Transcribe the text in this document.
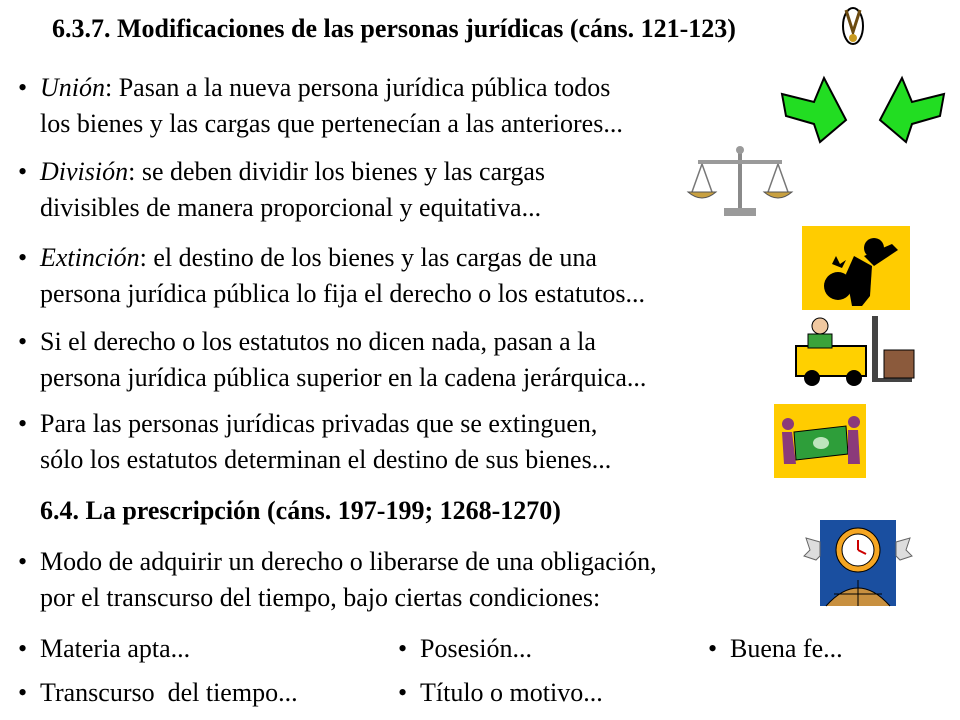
6.3.7. Modificaciones de las personas jurídicas (cáns. 121-123)
• Unión: Pasan a la nueva persona jurídica pública todos
los bienes y las cargas que pertenecían a las anteriores...
• División: se deben dividir los bienes y las cargas
divisibles de manera proporcional y equitativa...
• Extinción: el destino de los bienes y las cargas de una
persona jurídica pública lo fija el derecho o los estatutos...
• Si el derecho o los estatutos no dicen nada, pasan a la
persona jurídica pública superior en la cadena jerárquica...
• Para las personas jurídicas privadas que se extinguen,
sólo los estatutos determinan el destino de sus bienes...
6.4. La prescripción (cáns. 197-199; 1268-1270)
• Modo de adquirir un derecho o liberarse de una obligación,
por el transcurso del tiempo, bajo ciertas condiciones:
• Materia apta...	• Posesión...	• Buena fe...
• Transcurso  del tiempo...	• Título o motivo...
